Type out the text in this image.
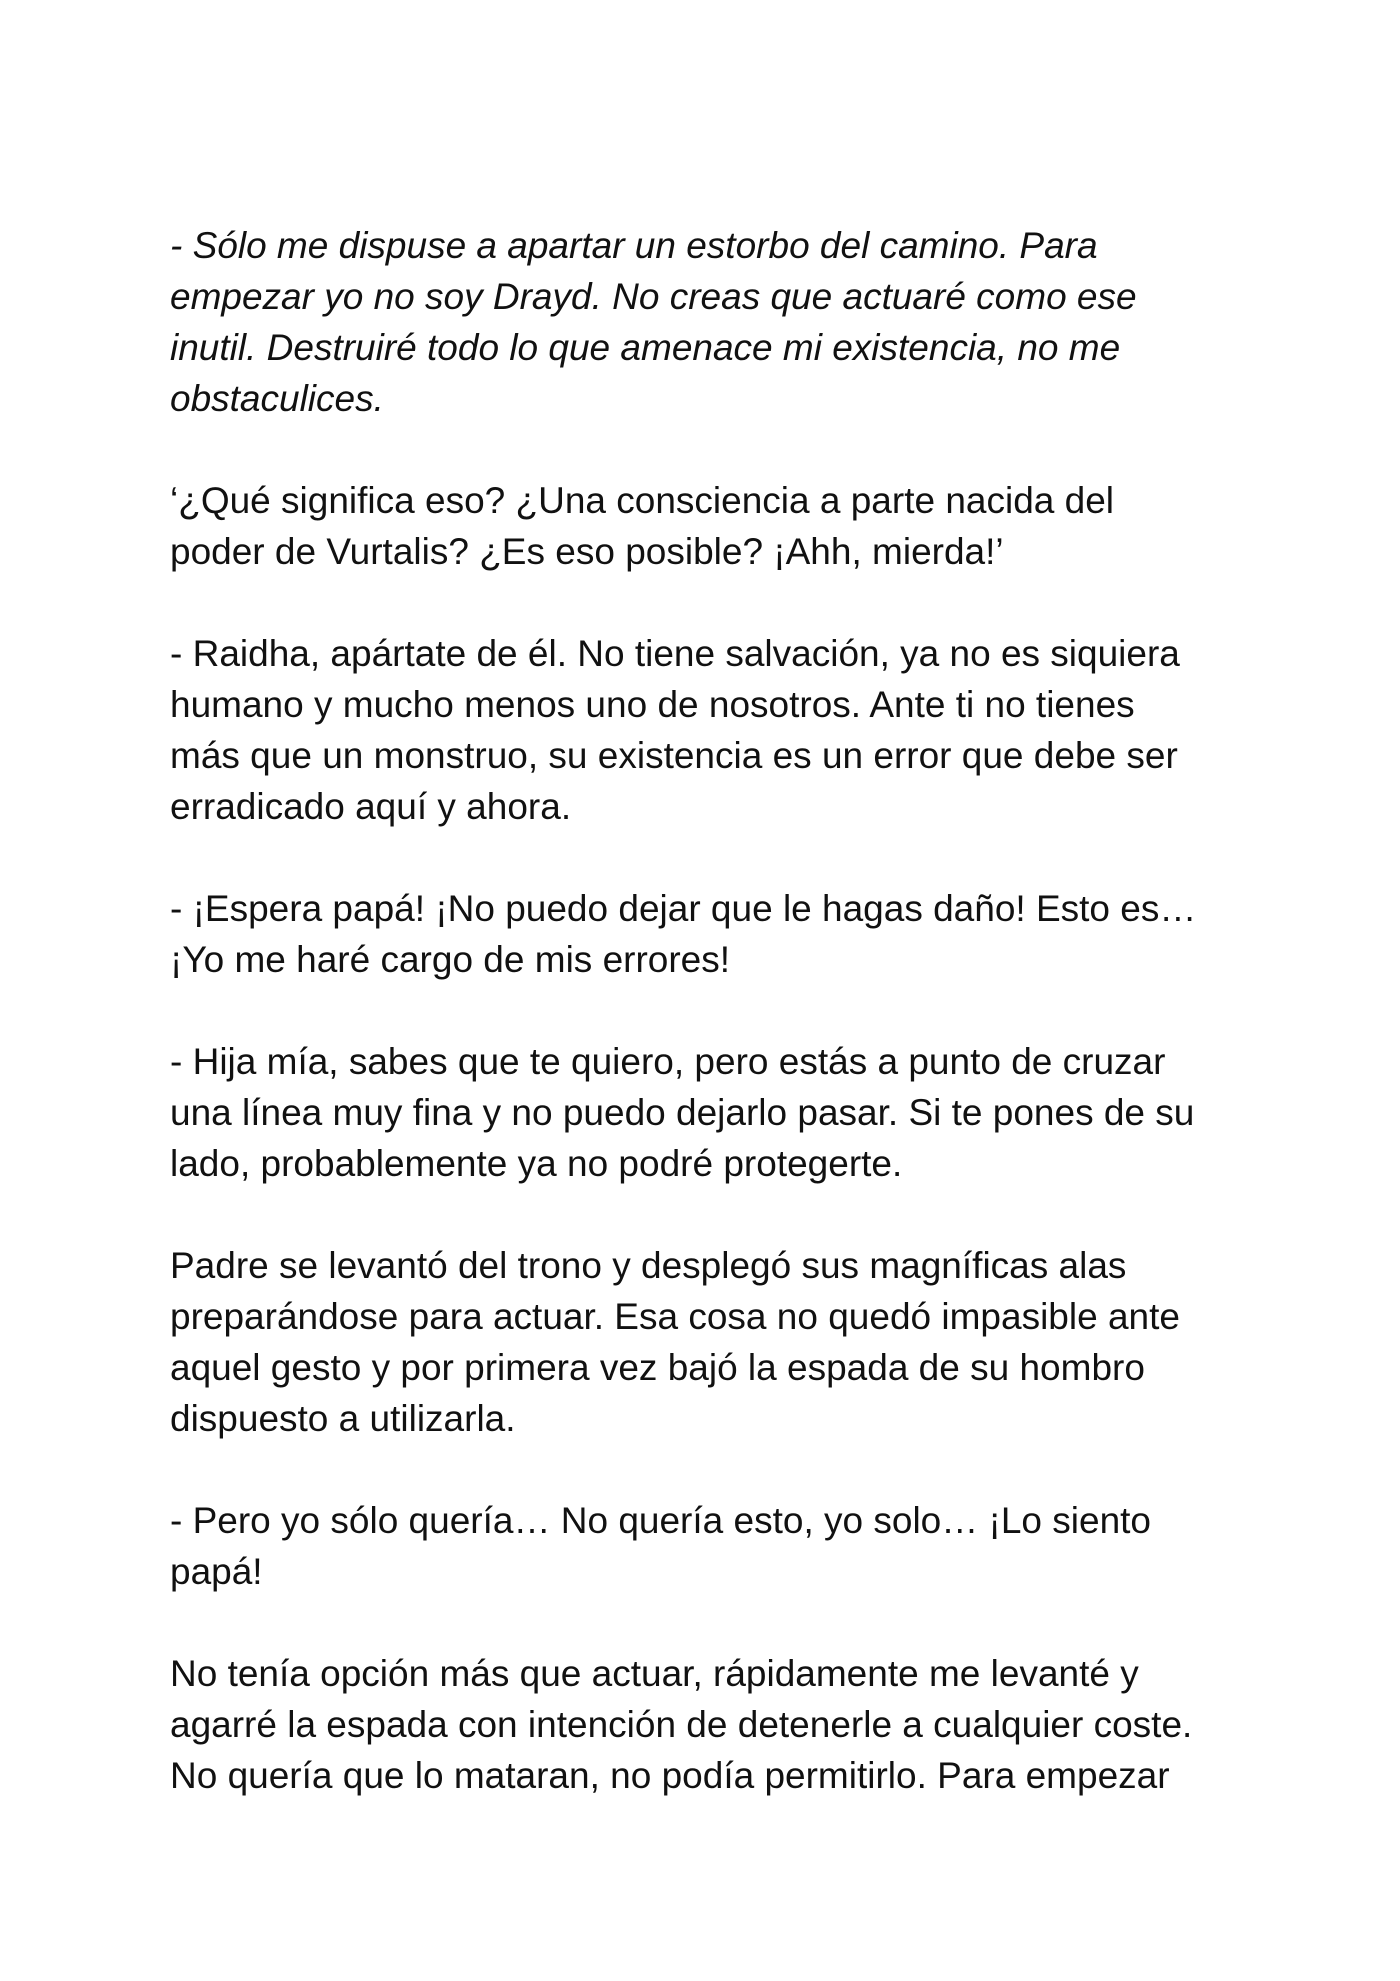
- Sólo me dispuse a apartar un estorbo del camino. Para
empezar yo no soy Drayd. No creas que actuaré como ese
inutil. Destruiré todo lo que amenace mi existencia, no me
obstaculices.

‘¿Qué significa eso? ¿Una consciencia a parte nacida del
poder de Vurtalis? ¿Es eso posible? ¡Ahh, mierda!’

- Raidha, apártate de él. No tiene salvación, ya no es siquiera
humano y mucho menos uno de nosotros. Ante ti no tienes
más que un monstruo, su existencia es un error que debe ser
erradicado aquí y ahora.

- ¡Espera papá! ¡No puedo dejar que le hagas daño! Esto es…
¡Yo me haré cargo de mis errores!

- Hija mía, sabes que te quiero, pero estás a punto de cruzar
una línea muy fina y no puedo dejarlo pasar. Si te pones de su
lado, probablemente ya no podré protegerte.

Padre se levantó del trono y desplegó sus magníficas alas
preparándose para actuar. Esa cosa no quedó impasible ante
aquel gesto y por primera vez bajó la espada de su hombro
dispuesto a utilizarla.

- Pero yo sólo quería… No quería esto, yo solo… ¡Lo siento
papá!

No tenía opción más que actuar, rápidamente me levanté y
agarré la espada con intención de detenerle a cualquier coste.
No quería que lo mataran, no podía permitirlo. Para empezar
